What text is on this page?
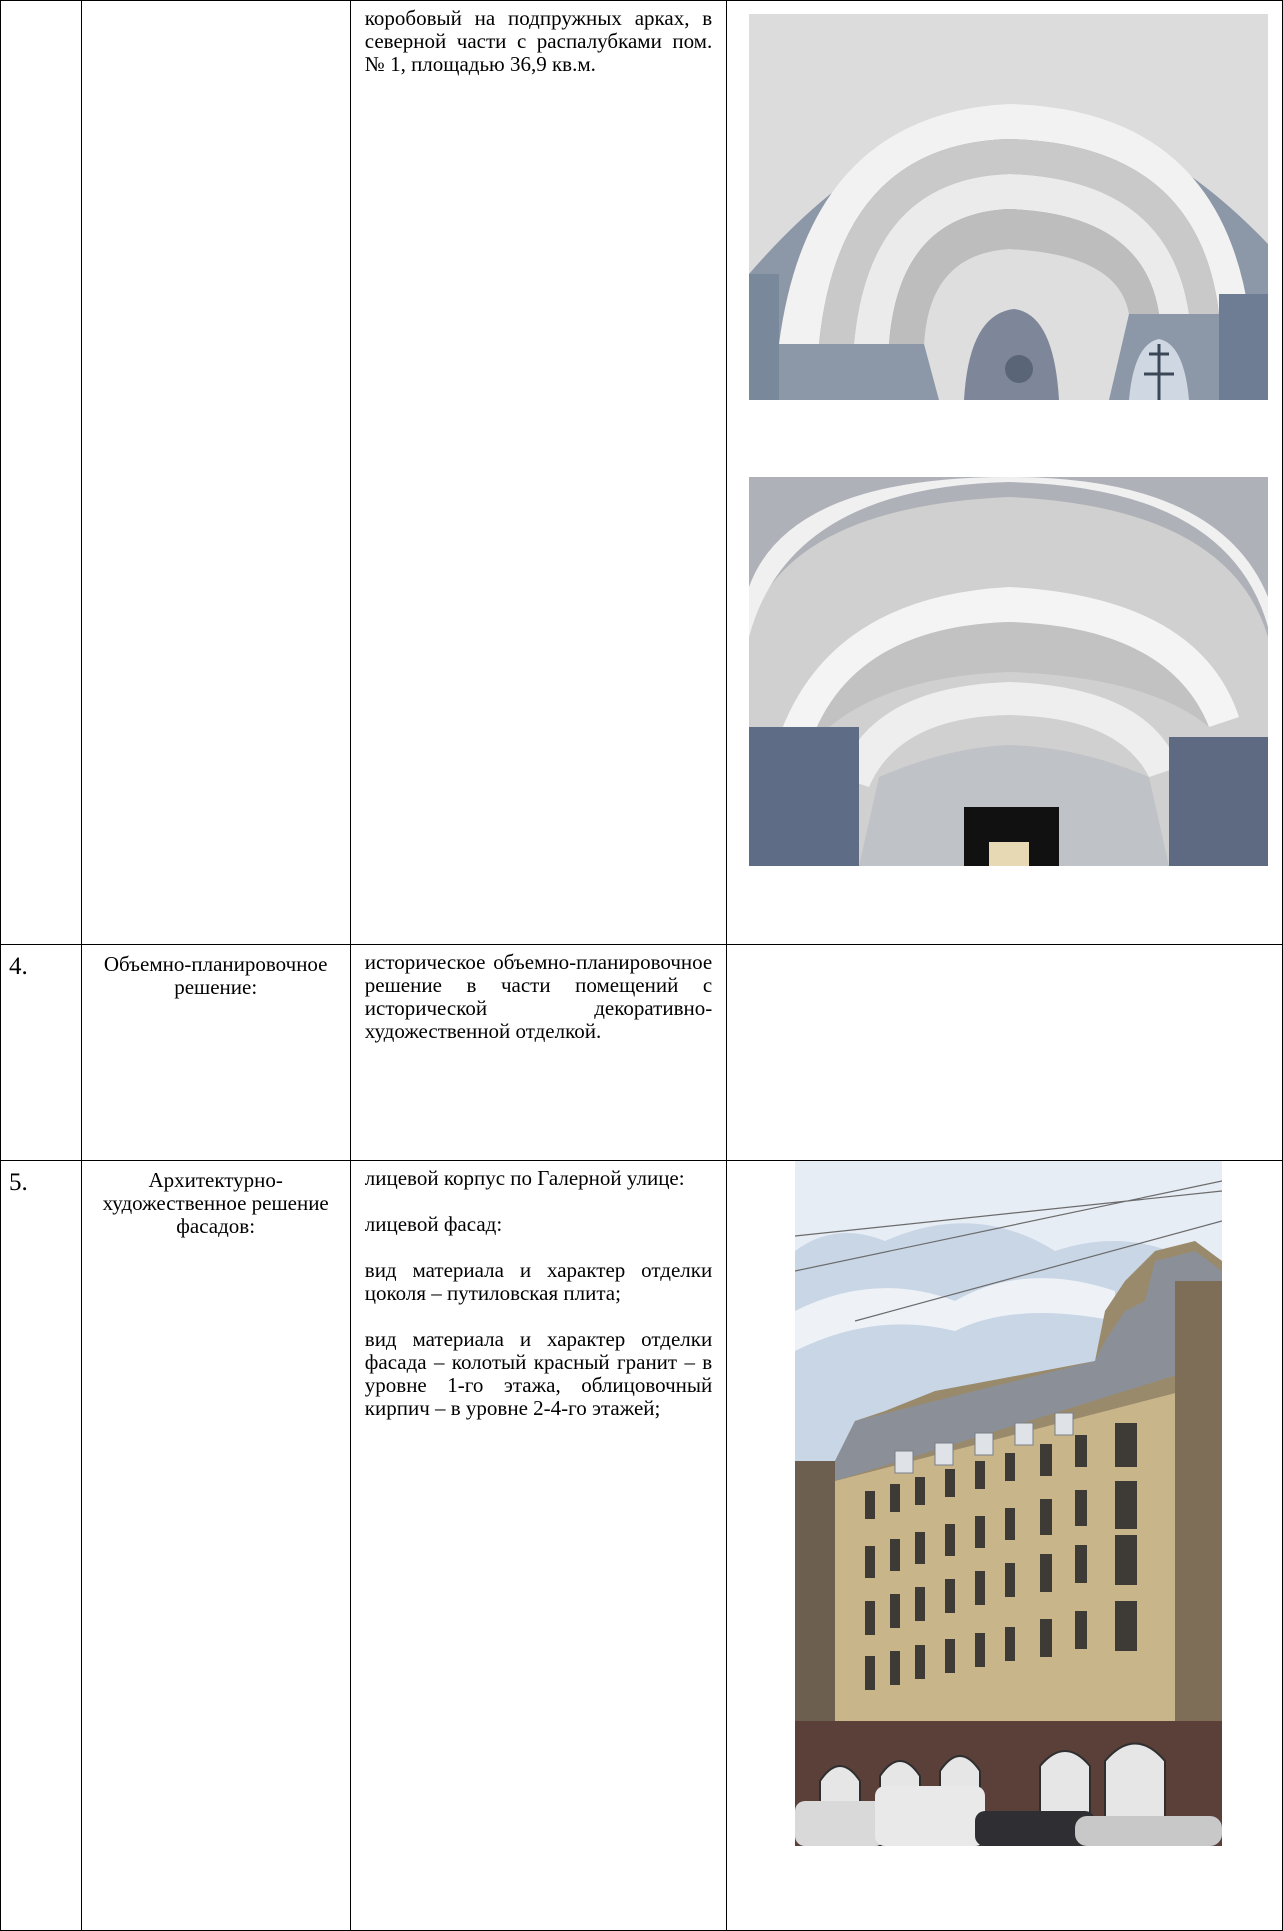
		коробовый на подпружных арках, в северной части с распалубками пом. № 1, площадью 36,9 кв.м.

4.	Объемно-планировочное решение:	историческое объемно-планировочное решение в части помещений с исторической декоративно-художественной отделкой.	

5.	Архитектурно-художественное решение фасадов:	лицевой корпус по Галерной улице:

лицевой фасад:

вид материала и характер отделки цоколя – путиловская плита;

вид материала и характер отделки фасада – колотый красный гранит – в уровне 1-го этажа, облицовочный кирпич – в уровне 2-4-го этажей;
